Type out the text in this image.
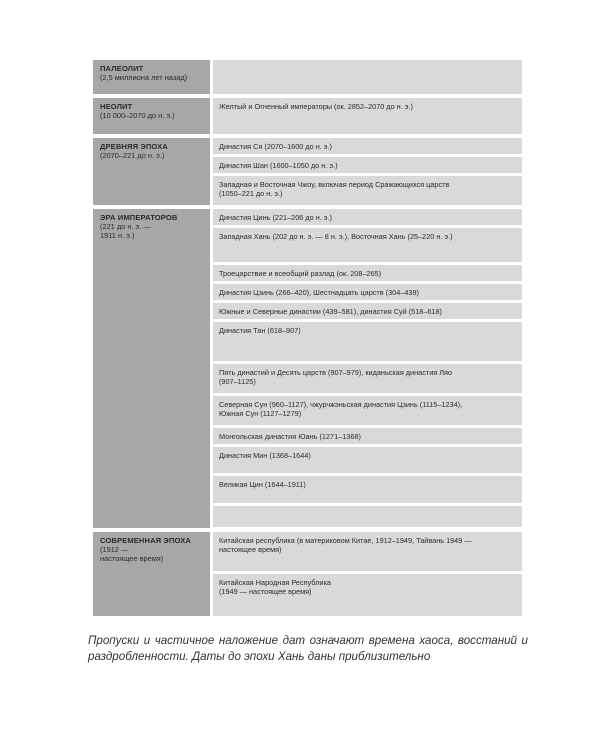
ПАЛЕОЛИТ
(2,5 миллиона лет назад)
НЕОЛИТ
(10 000–2070 до н. э.)
Желтый и Огненный императоры (ок. 2852–2070 до н. э.)
ДРЕВНЯЯ ЭПОХА
(2070–221 до н. э.)
Династия Ся (2070–1600 до н. э.)
Династия Шан (1600–1050 до н. э.)
Западная и Восточная Чжоу, включая период Сражающихся царств
(1050–221 до н. э.)
ЭРА ИМПЕРАТОРОВ
(221 до н. э. —
1911 н. э.)
Династия Цинь (221–206 до н. э.)
Западная Хань (202 до н. э. — 8 н. э.), Восточная Хань (25–220 н. э.)
Троецарствие и всеобщий разлад (ок. 208–265)
Династия Цзинь (266–420), Шестнадцать царств (304–439)
Южные и Северные династии (439–581), династия Суй (518–618)
Династия Тан (618–907)
Пять династий и Десять царств (907–979), киданьская династия Ляо
(907–1125)
Северная Сун (960–1127), чжурчжэньская династия Цзинь (1115–1234),
Южная Сун (1127–1279)
Монгольская династия Юань (1271–1368)
Династия Мин (1368–1644)
Великая Цин (1644–1911)
СОВРЕМЕННАЯ ЭПОХА
(1912 —
настоящее время)
Китайская республика (в материковом Китае, 1912–1949, Тайвань 1949 —
настоящее время)
Китайская Народная Республика
(1949 — настоящее время)
Пропуски и частичное наложение дат означают времена хаоса, восстаний и
раздробленности. Даты до эпохи Хань даны приблизительно
